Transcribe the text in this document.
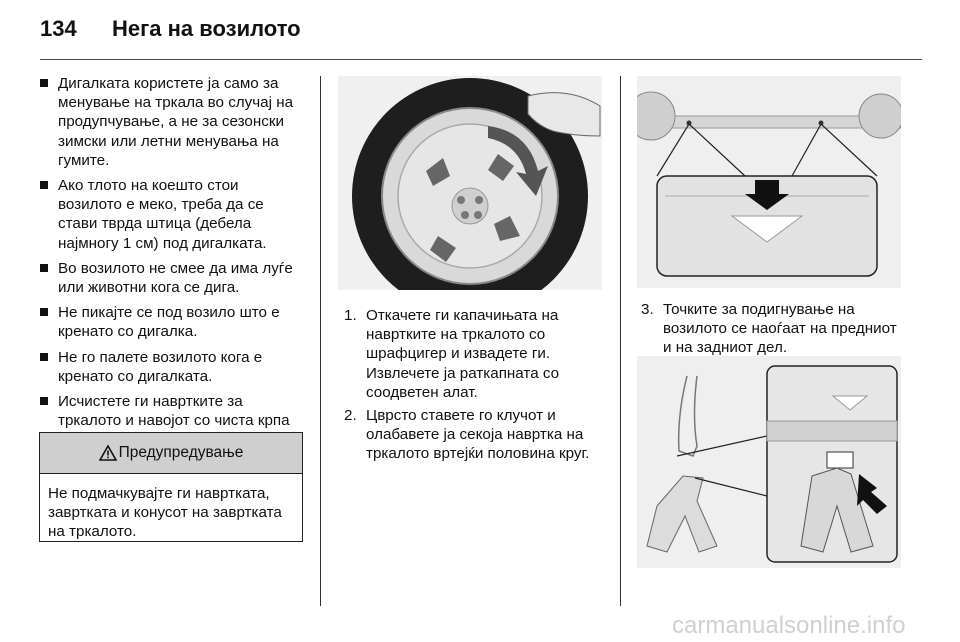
134 Нега на возилото
Дигалката користете ја само за менување на тркала во случај на продупчување, а не за сезонски зимски или летни менувања на гумите.
Ако тлото на коешто стои возилото е меко, треба да се стави тврда штица (дебела најмногу 1 см) под дигалката.
Во возилото не смее да има луѓе или животни кога се дига.
Не пикајте се под возило што е кренато со дигалка.
Не го палете возилото кога е кренато со дигалката.
Исчистете ги навртките за тркалото и навојот со чиста крпа
Предупредување
Не подмачкувајте ги навртката, завртката и конусот на завртката на тркалото.
1. Откачете ги капачињата на навртките на тркалото со шрафцигер и извадете ги. Извлечете ја раткапната со соодветен алат.
2. Цврсто ставете го клучот и олабавете ја секоја навртка на тркалото вртејќи половина круг.
3. Точките за подигнување на возилото се наоѓаат на предниот и на задниот дел.
carmanualsonline.info
